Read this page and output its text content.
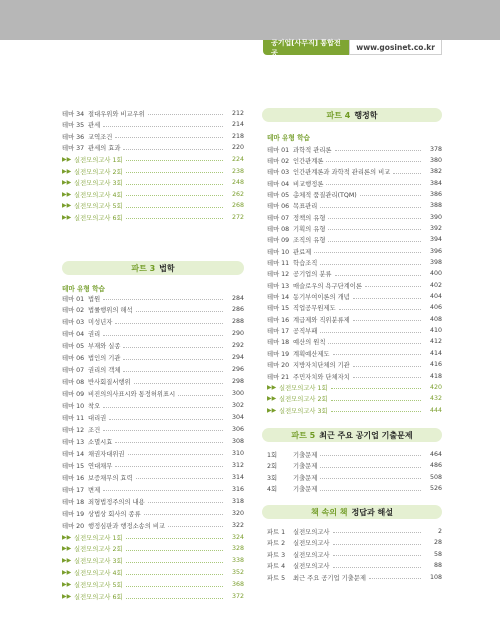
공기업[사무직] 통합전공
www.gosinet.co.kr
테마 34 절대우위와 비교우위	212
테마 35 관세	214
테마 36 교역조건	218
테마 37 관세의 효과	220
▶▶ 실전모의고사 1회	224
▶▶ 실전모의고사 2회	238
▶▶ 실전모의고사 3회	248
▶▶ 실전모의고사 4회	262
▶▶ 실전모의고사 5회	268
▶▶ 실전모의고사 6회	272
파트 3 법학
테마 유형 학습
테마 01 법원	284
테마 02 법률행위의 해석	286
테마 03 미성년자	288
테마 04 권리	290
테마 05 부재와 실종	292
테마 06 법인의 기관	294
테마 07 권리의 객체	296
테마 08 반사회질서행위	298
테마 09 비진의의사표시와 통정허위표시	300
테마 10 착오	302
테마 11 대리권	304
테마 12 조건	306
테마 13 소멸시효	308
테마 14 채권자대위권	310
테마 15 연대채무	312
테마 16 보증채무의 효력	314
테마 17 변제	316
테마 18 죄형법정주의의 내용	318
테마 19 상법상 회사의 종류	320
테마 20 행정심판과 행정소송의 비교	322
▶▶ 실전모의고사 1회	324
▶▶ 실전모의고사 2회	328
▶▶ 실전모의고사 3회	338
▶▶ 실전모의고사 4회	352
▶▶ 실전모의고사 5회	368
▶▶ 실전모의고사 6회	372
파트 4 행정학
테마 유형 학습
테마 01 과학적 관리론	378
테마 02 인간관계론	380
테마 03 인간관계론과 과학적 관리론의 비교	382
테마 04 비교행정론	384
테마 05 총체적 품질관리(TQM)	386
테마 06 목표관리	388
테마 07 정책의 유형	390
테마 08 기획의 유형	392
테마 09 조직의 유형	394
테마 10 관료제	396
테마 11 학습조직	398
테마 12 공기업의 분류	400
테마 13 매슬로우의 욕구단계이론	402
테마 14 동기부여이론의 개념	404
테마 15 직업공무원제도	406
테마 16 계급제와 직위분류제	408
테마 17 공직부패	410
테마 18 예산의 원칙	412
테마 19 계획예산제도	414
테마 20 지방자치단체의 기관	416
테마 21 주민자치와 단체자치	418
▶▶ 실전모의고사 1회	420
▶▶ 실전모의고사 2회	432
▶▶ 실전모의고사 3회	444
파트 5 최근 주요 공기업 기출문제
1회	기출문제	464
2회	기출문제	486
3회	기출문제	508
4회	기출문제	526
책 속의 책 정답과 해설
파트 1	실전모의고사	2
파트 2	실전모의고사	28
파트 3	실전모의고사	58
파트 4	실전모의고사	88
파트 5	최근 주요 공기업 기출문제	108
